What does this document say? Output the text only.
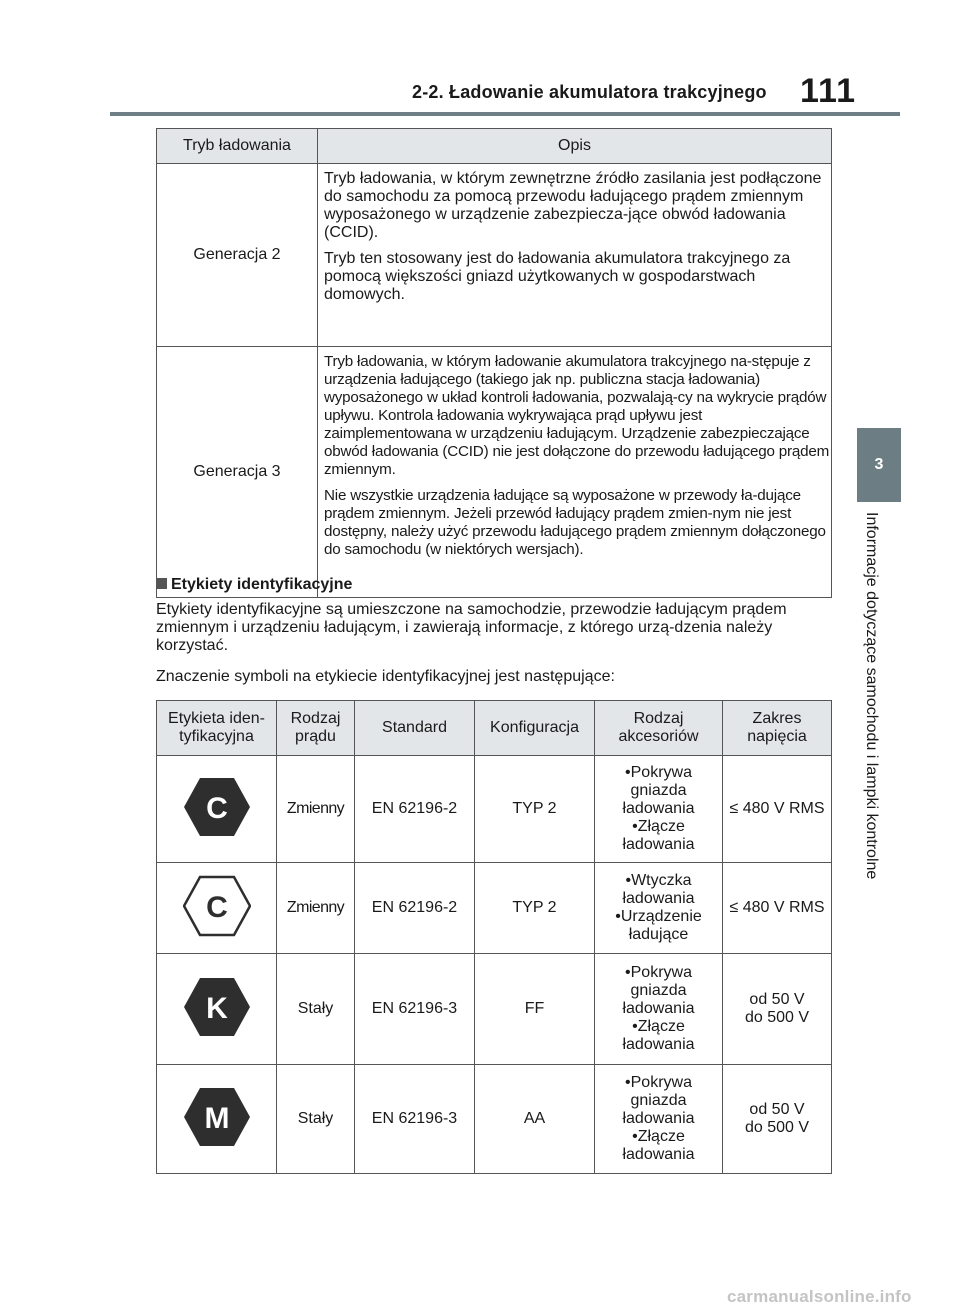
2-2. Ładowanie akumulatora trakcyjnego 111
3
Informacje dotyczące samochodu i lampki kontrolne
Tryb ładowania	Opis
Generacja 2	Tryb ładowania, w którym zewnętrzne źródło zasilania jest podłączone do samochodu za pomocą przewodu ładującego prądem zmiennym wyposażonego w urządzenie zabezpiecza-jące obwód ładowania (CCID).

Tryb ten stosowany jest do ładowania akumulatora trakcyjnego za pomocą większości gniazd użytkowanych w gospodarstwach domowych.

Generacja 3	Tryb ładowania, w którym ładowanie akumulatora trakcyjnego na-stępuje z urządzenia ładującego (takiego jak np. publiczna stacja ładowania) wyposażonego w układ kontroli ładowania, pozwalają-cy na wykrycie prądów upływu. Kontrola ładowania wykrywająca prąd upływu jest zaimplementowana w urządzeniu ładującym. Urządzenie zabezpieczające obwód ładowania (CCID) nie jest dołączone do przewodu ładującego prądem zmiennym.

Nie wszystkie urządzenia ładujące są wyposażone w przewody ła-dujące prądem zmiennym. Jeżeli przewód ładujący prądem zmien-nym nie jest dostępny, należy użyć przewodu ładującego prądem zmiennym dołączonego do samochodu (w niektórych wersjach).

Etykiety identyfikacyjne

Etykiety identyfikacyjne są umieszczone na samochodzie, przewodzie ładującym prądem zmiennym i urządzeniu ładującym, i zawierają informacje, z którego urzą-dzenia należy korzystać.

Znaczenie symboli na etykiecie identyfikacyjnej jest następujące:

Etykieta iden-tyfikacyjna	Rodzaj prądu	Standard	Konfiguracja	Rodzaj akcesoriów	Zakres napięcia

C	Zmienny	EN 62196-2	TYP 2	•Pokrywa
gniazda
ładowania
•Złącze
ładowania	≤ 480 V RMS

C	Zmienny	EN 62196-2	TYP 2	•Wtyczka
ładowania
•Urządzenie
ładujące	≤ 480 V RMS

K	Stały	EN 62196-3	FF	•Pokrywa
gniazda
ładowania
•Złącze
ładowania	od 50 V do 500 V

M	Stały	EN 62196-3	AA	•Pokrywa
gniazda
ładowania
•Złącze
ładowania	od 50 V do 500 V
carmanualsonline.info
